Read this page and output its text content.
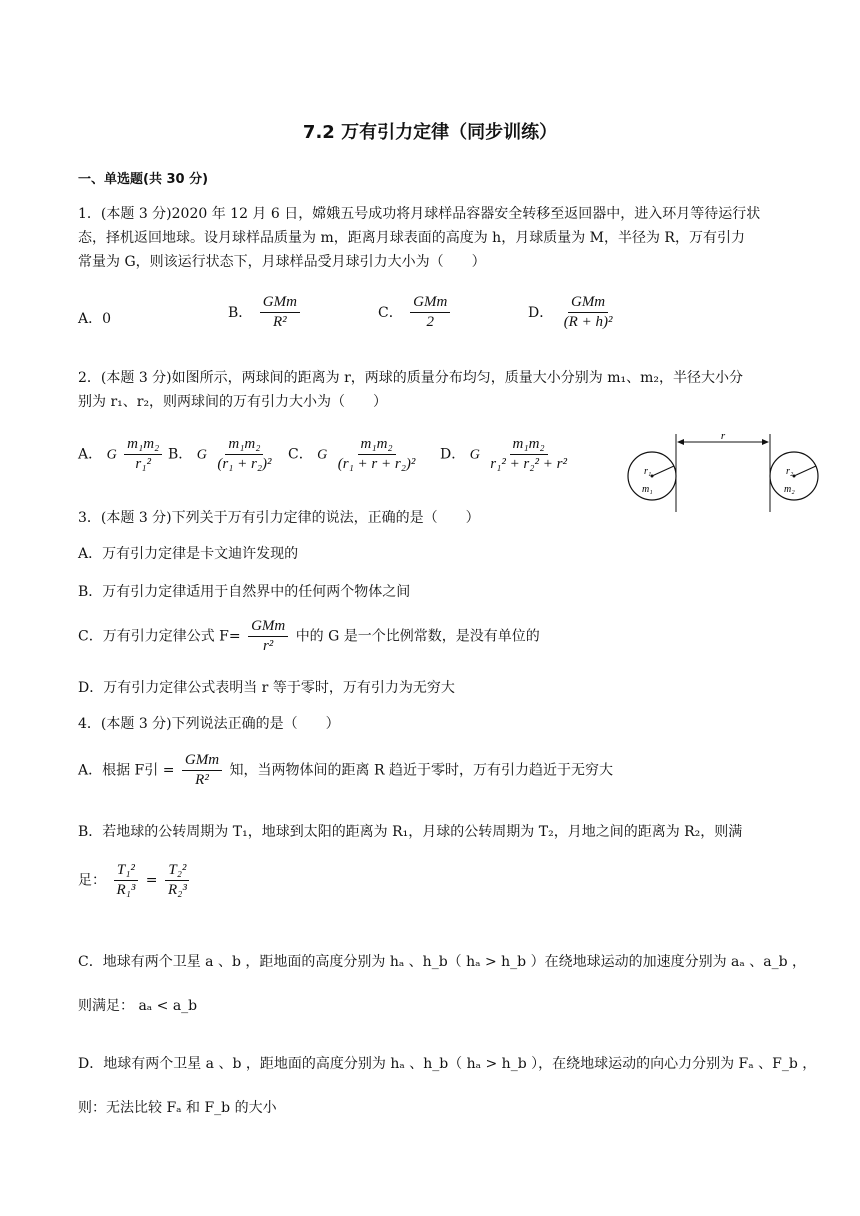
7.2 万有引力定律（同步训练）
一、单选题(共 30 分)
1．(本题 3 分)2020 年 12 月 6 日，嫦娥五号成功将月球样品容器安全转移至返回器中，进入环月等待运行状
态，择机返回地球。设月球样品质量为 m，距离月球表面的高度为 h，月球质量为 M，半径为 R，万有引力
常量为 G，则该运行状态下，月球样品受月球引力大小为（　　）
A．0	B． $\frac{\text{GMm}}{\text{R²}}$	C． $\frac{\text{GMm}}{2}$	D． $\frac{\text{GMm}}{\text{(R + h)²}}$
2．(本题 3 分)如图所示，两球间的距离为 r，两球的质量分布均匀，质量大小分别为 m₁、m₂，半径大小分
别为 r₁、r₂，则两球间的万有引力大小为（　　）
A． G $\frac{\text{m₁m₂}}{\text{r₁²}}$ B． G $\frac{\text{m₁m₂}}{\text{(r₁ + r₂)²}}$ C． G $\frac{\text{m₁m₂}}{\text{(r₁ + r + r₂)²}}$ D． G $\frac{\text{m₁m₂}}{\text{r₁² + r₂² + r²}}$	r
r₁
m₁
r₂
m₂
3．(本题 3 分)下列关于万有引力定律的说法，正确的是（　　）
A．万有引力定律是卡文迪许发现的
B．万有引力定律适用于自然界中的任何两个物体之间
C．万有引力定律公式 $F= \frac{\text{GMm}}{\text{r²}}$ 中的 G 是一个比例常数，是没有单位的
D．万有引力定律公式表明当 r 等于零时，万有引力为无穷大
4．(本题 3 分)下列说法正确的是（　　）
A．根据 F引 = $\frac{\text{GMm}}{\text{R²}}$ 知，当两物体间的距离 R 趋近于零时，万有引力趋近于无穷大
B．若地球的公转周期为 T₁，地球到太阳的距离为 R₁，月球的公转周期为 T₂，月地之间的距离为 R₂，则满
足： $\frac{\text{T₁²}}{\text{R₁³}} = \frac{\text{T₂²}}{\text{R₂³}}$
C．地球有两个卫星 a 、b ，距地面的高度分别为 hₐ 、h_b（ hₐ > h_b ）在绕地球运动的加速度分别为 aₐ 、a_b ，
则满足： aₐ < a_b
D．地球有两个卫星 a 、b ，距地面的高度分别为 hₐ 、h_b（ hₐ > h_b ），在绕地球运动的向心力分别为 Fₐ 、F_b ，
则：无法比较 Fₐ 和 F_b 的大小
